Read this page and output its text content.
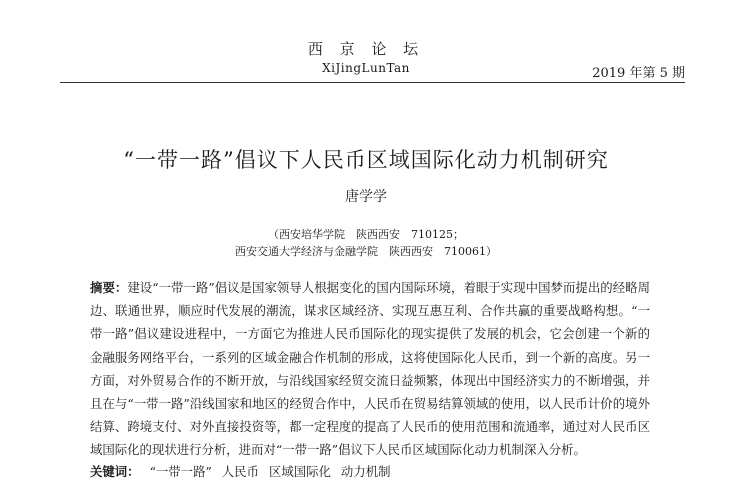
西 京 论 坛
XiJingLunTan	2019 年第 5 期
“一带一路”倡议下人民币区域国际化动力机制研究
唐学学
（西安培华学院　陕西西安　710125；
西安交通大学经济与金融学院　陕西西安　710061）
摘要：建设“一带一路”倡议是国家领导人根据变化的国内国际环境，着眼于实现中国梦而提出的经略周边、联通世界，顺应时代发展的潮流，谋求区域经济、实现互惠互利、合作共赢的重要战略构想。“一带一路”倡议建设进程中，一方面它为推进人民币国际化的现实提供了发展的机会，它会创建一个新的金融服务网络平台，一系列的区域金融合作机制的形成，这将使国际化人民币，到一个新的高度。另一方面，对外贸易合作的不断开放，与沿线国家经贸交流日益频繁，体现出中国经济实力的不断增强，并且在与“一带一路”沿线国家和地区的经贸合作中，人民币在贸易结算领域的使用，以人民币计价的境外结算、跨境支付、对外直接投资等，都一定程度的提高了人民币的使用范围和流通率，通过对人民币区域国际化的现状进行分析，进而对“一带一路”倡议下人民币区域国际化动力机制深入分析。
关键词： “一带一路” 人民币 区域国际化 动力机制
